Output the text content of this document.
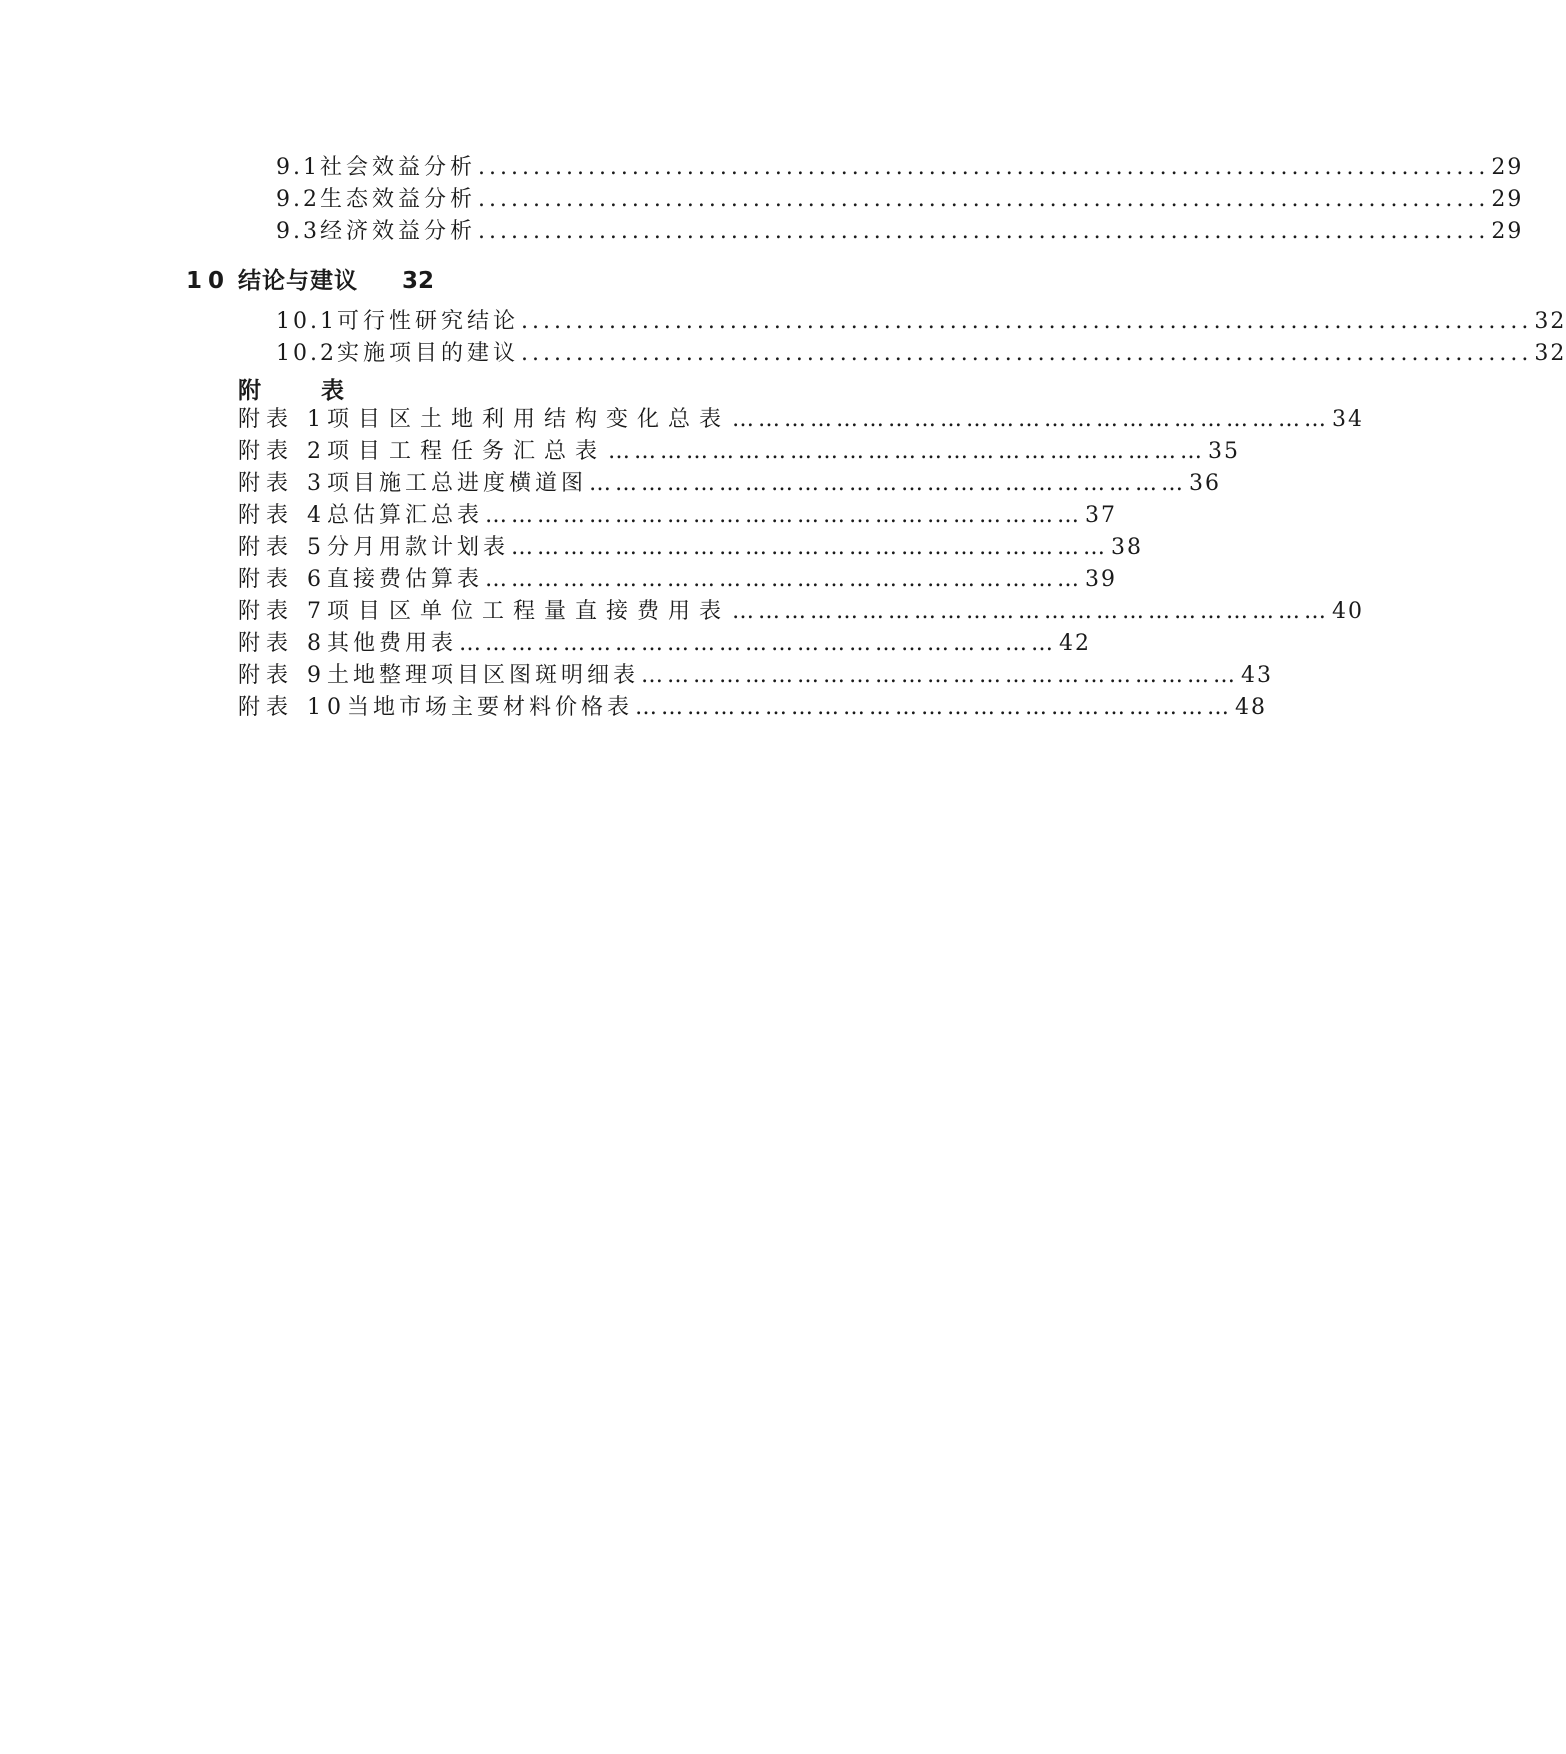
9.1 社会效益分析 ............................................................................................ 29
9.2 生态效益分析 ............................................................................................ 29
9.3 经济效益分析 ............................................................................................ 29
10 结论与建议 32
10.1 可行性研究结论 ............................................................................................ 32
10.2 实施项目的建议 ............................................................................................ 32
附 表
附表 1 项目区土地利用结构变化总表 …………………………………………………………… 34
附表 2 项目工程任务汇总表 …………………………………………………………… 35
附表 3 项目施工总进度横道图 …………………………………………………………… 36
附表 4 总估算汇总表 …………………………………………………………… 37
附表 5 分月用款计划表 …………………………………………………………… 38
附表 6 直接费估算表 …………………………………………………………… 39
附表 7 项目区单位工程量直接费用表 …………………………………………………………… 40
附表 8 其他费用表 …………………………………………………………… 42
附表 9 土地整理项目区图斑明细表 …………………………………………………………… 43
附表 10 当地市场主要材料价格表 …………………………………………………………… 48
